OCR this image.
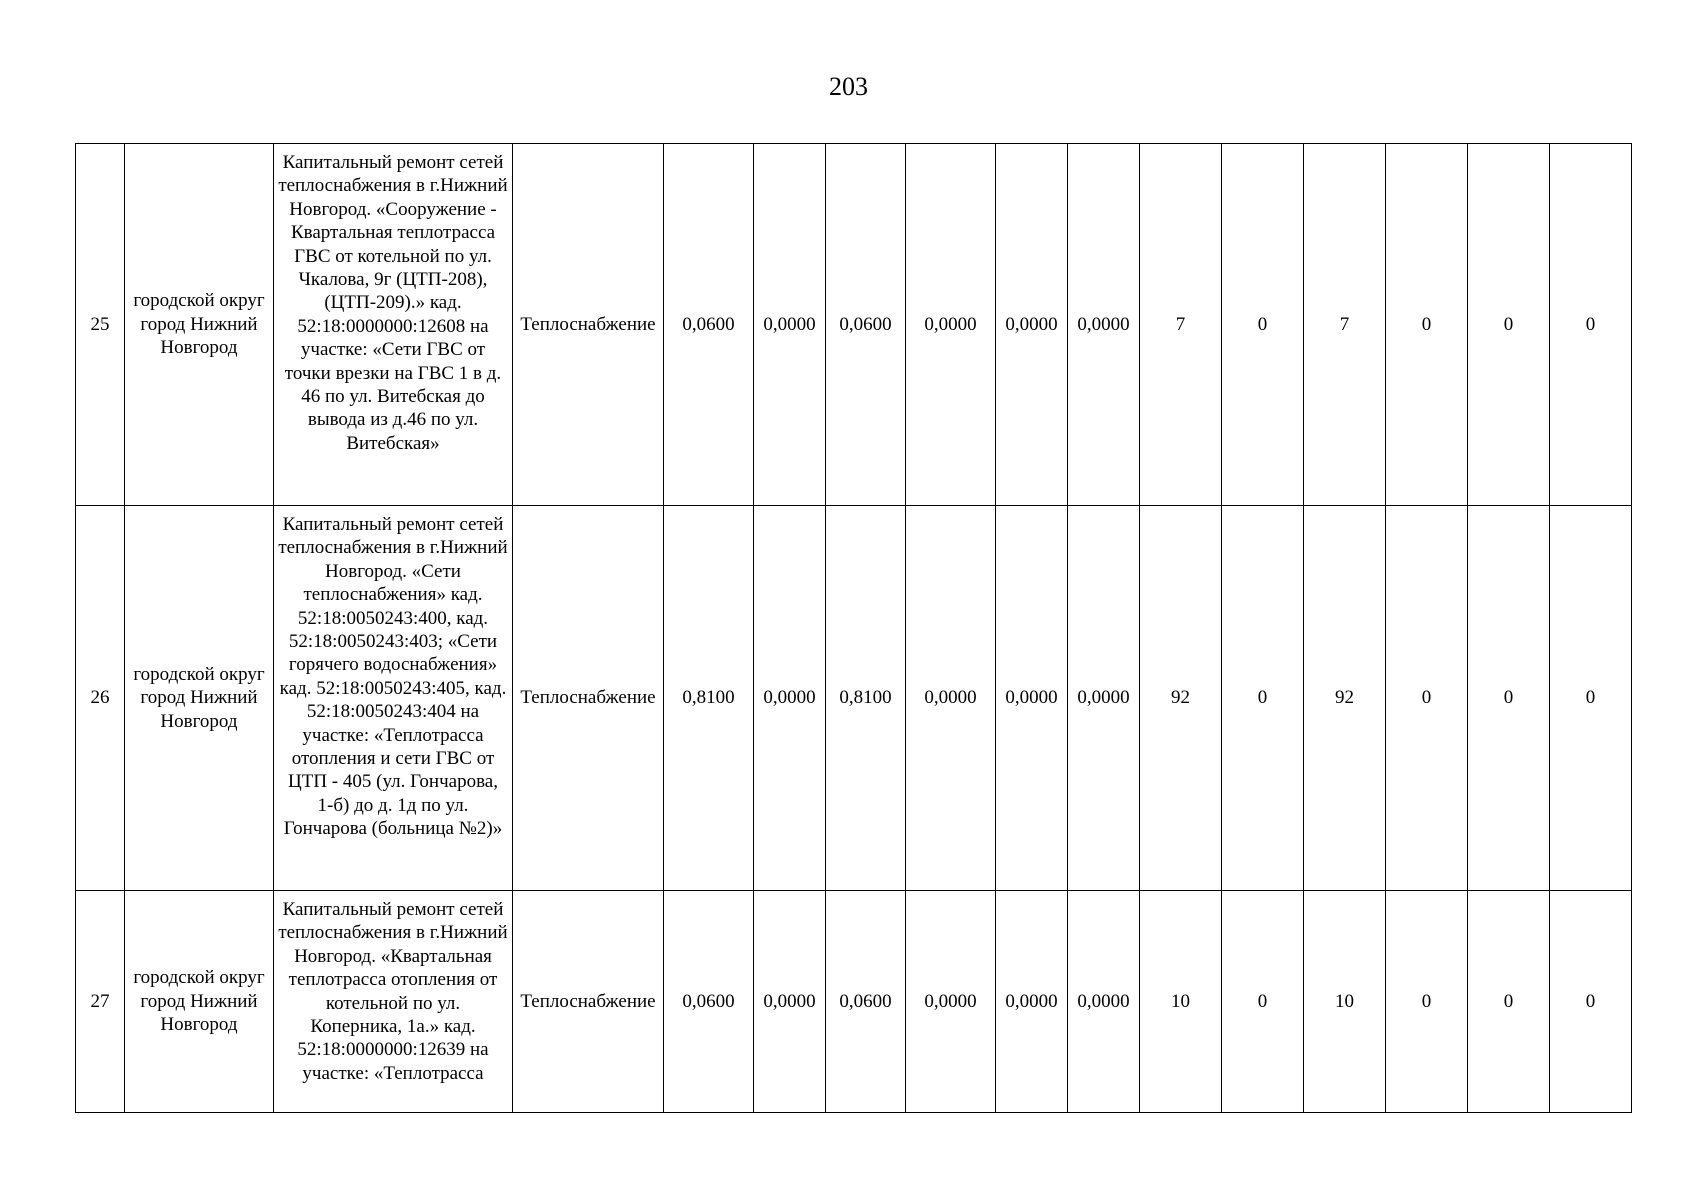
203
25	городской округ город Нижний Новгород	Капитальный ремонт сетей теплоснабжения в г.Нижний Новгород. «Сооружение - Квартальная теплотрасса ГВС от котельной по ул. Чкалова, 9г (ЦТП-208), (ЦТП-209).» кад. 52:18:0000000:12608 на участке: «Сети ГВС от точки врезки на ГВС 1 в д. 46 по ул. Витебская до вывода из д.46 по ул. Витебская»	Теплоснабжение	0,0600	0,0000	0,0600	0,0000	0,0000	0,0000	7	0	7	0	0	0
26	городской округ город Нижний Новгород	Капитальный ремонт сетей теплоснабжения в г.Нижний Новгород. «Сети теплоснабжения» кад. 52:18:0050243:400, кад. 52:18:0050243:403; «Сети горячего водоснабжения» кад. 52:18:0050243:405, кад. 52:18:0050243:404 на участке: «Теплотрасса отопления и сети ГВС от ЦТП - 405 (ул. Гончарова, 1-б) до д. 1д по ул. Гончарова (больница №2)»	Теплоснабжение	0,8100	0,0000	0,8100	0,0000	0,0000	0,0000	92	0	92	0	0	0
27	городской округ город Нижний Новгород	Капитальный ремонт сетей теплоснабжения в г.Нижний Новгород. «Квартальная теплотрасса отопления от котельной по ул. Коперника, 1а.» кад. 52:18:0000000:12639 на участке: «Теплотрасса	Теплоснабжение	0,0600	0,0000	0,0600	0,0000	0,0000	0,0000	10	0	10	0	0	0
